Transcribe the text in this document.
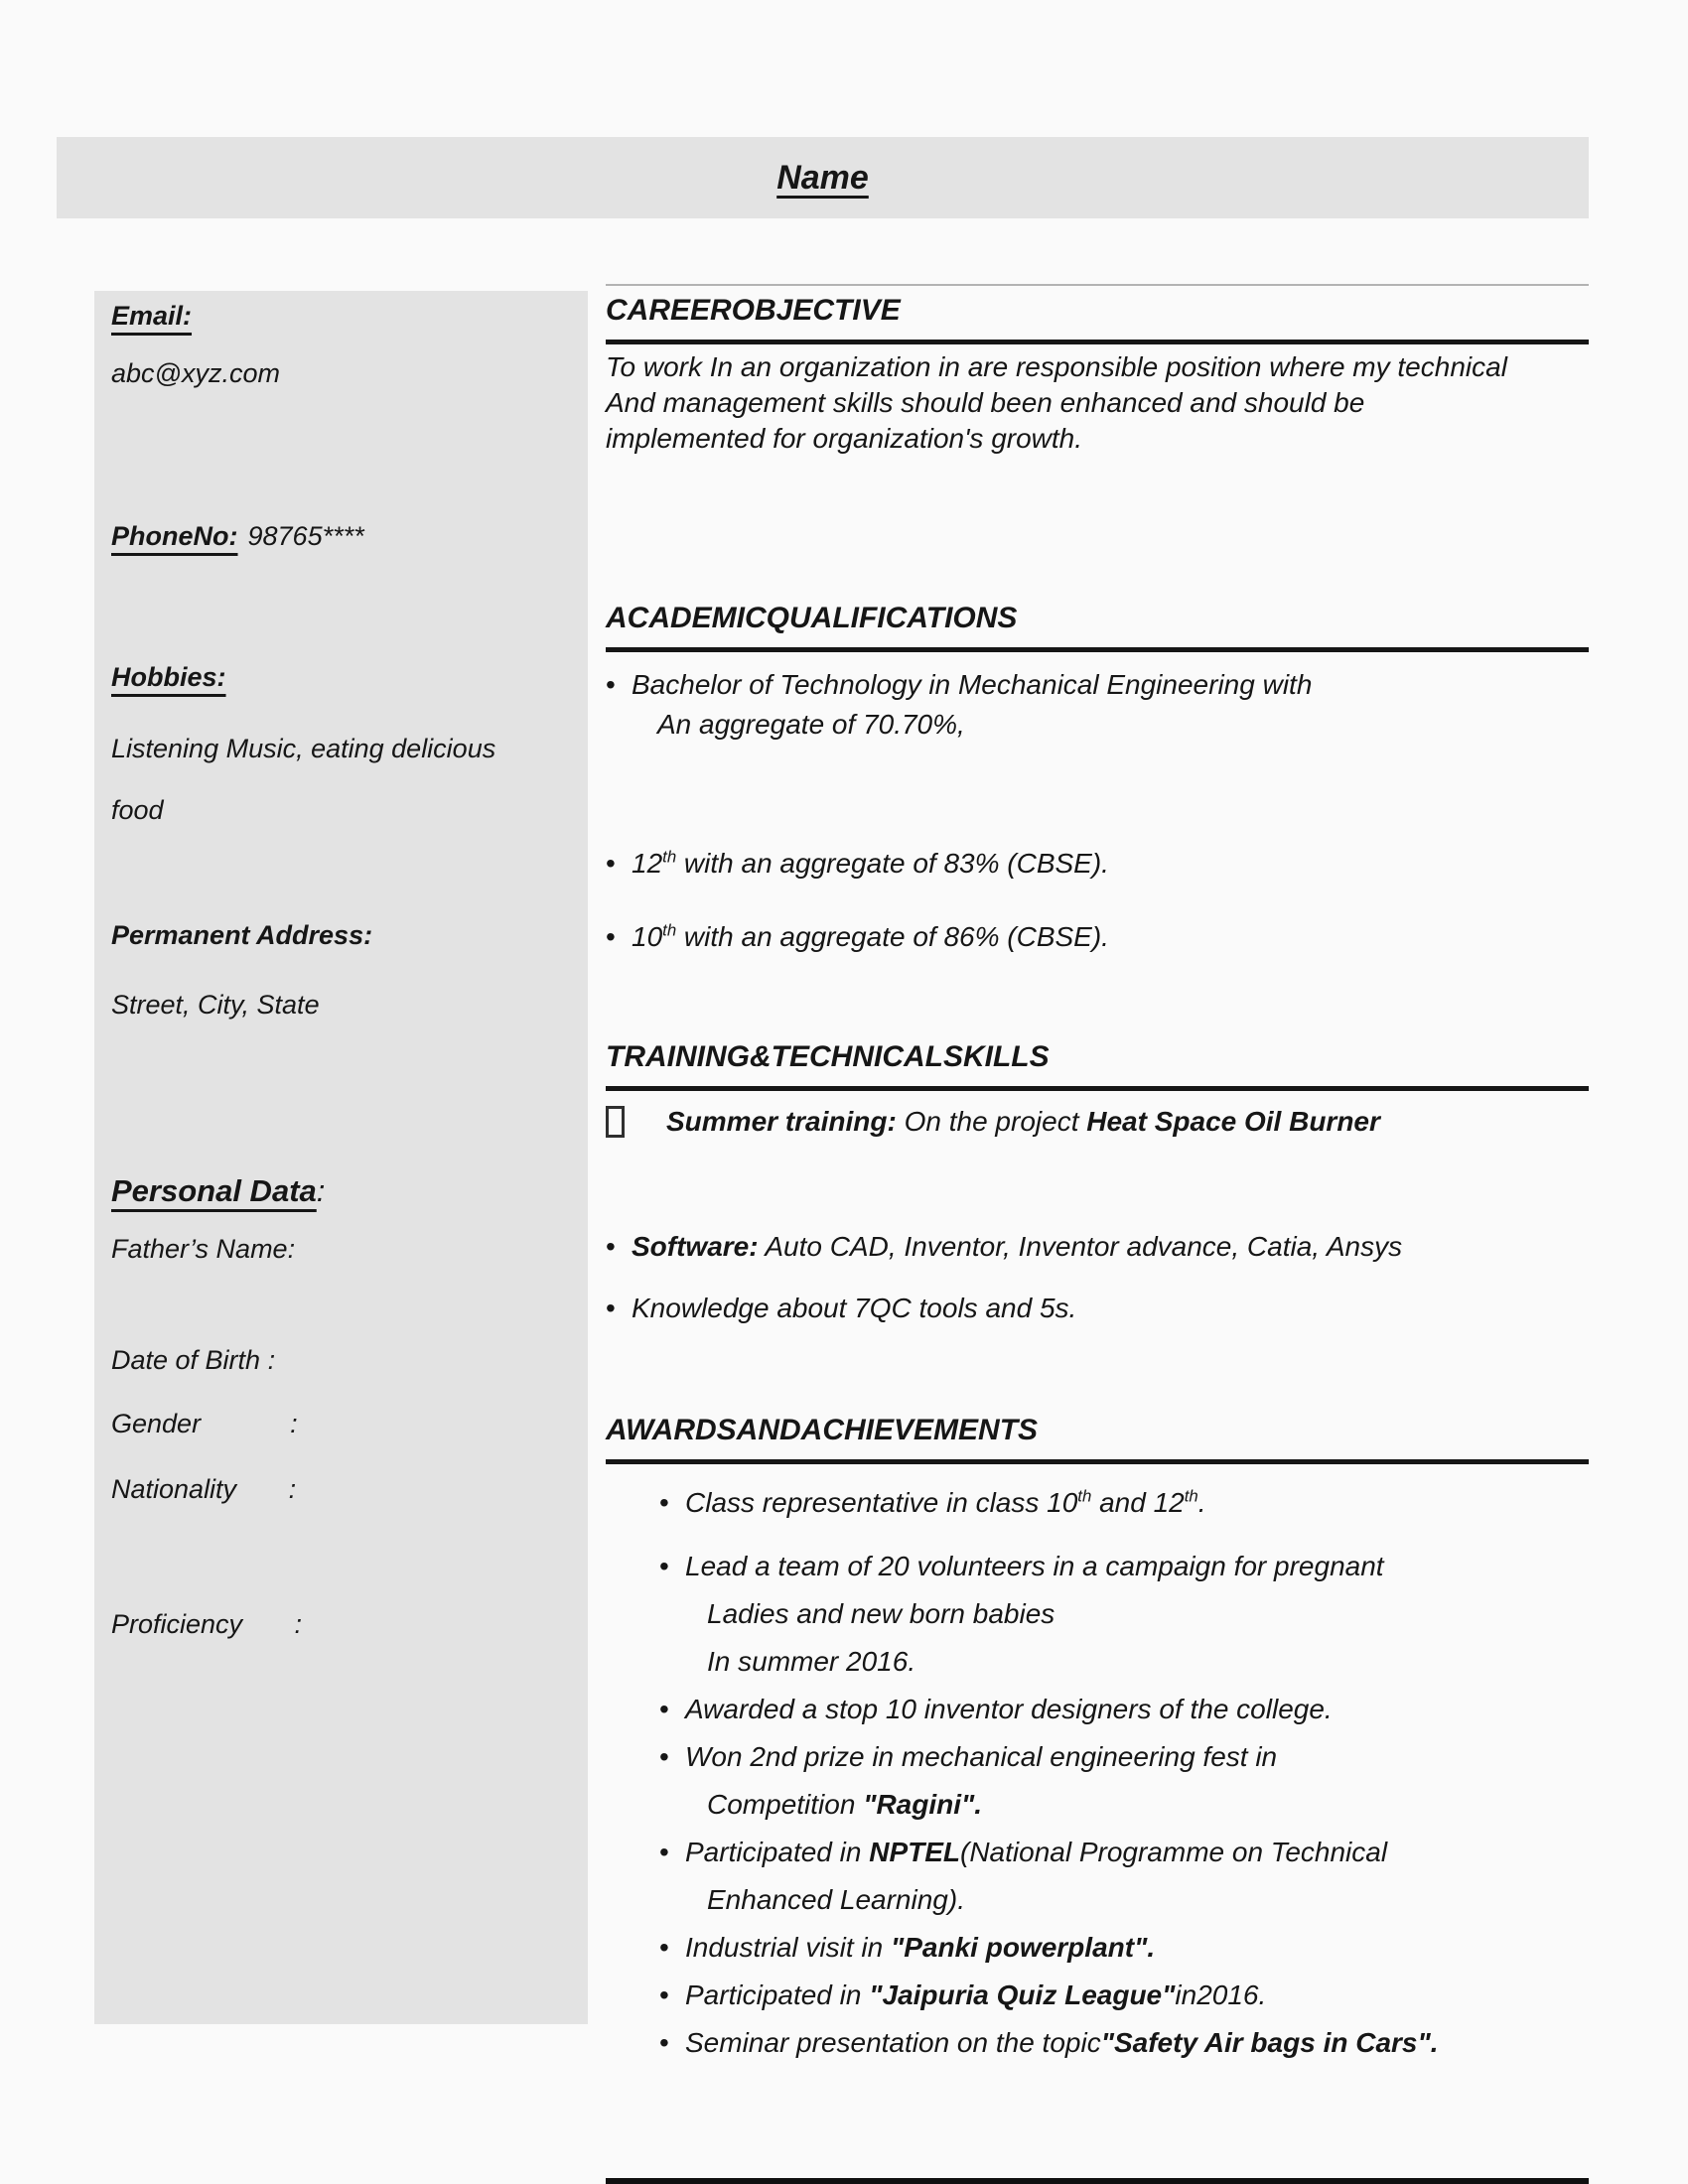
Name
Email:
abc@xyz.com
PhoneNo: 98765****
Hobbies:
Listening Music, eating delicious
food
Permanent Address:
Street, City, State
Personal Data:
Father’s Name:
Date of Birth :
Gender            :
Nationality       :
Proficiency       :
CAREEROBJECTIVE
To work In an organization in are responsible position where my technical
And management skills should been enhanced and should be
implemented for organization's growth.
ACADEMICQUALIFICATIONS
• Bachelor of Technology in Mechanical Engineering with
An aggregate of 70.70%,
• 12th with an aggregate of 83% (CBSE).
• 10th with an aggregate of 86% (CBSE).
TRAINING&TECHNICALSKILLS
Summer training: On the project Heat Space Oil Burner
• Software: Auto CAD, Inventor, Inventor advance, Catia, Ansys
• Knowledge about 7QC tools and 5s.
AWARDSANDACHIEVEMENTS
• Class representative in class 10th and 12th.
• Lead a team of 20 volunteers in a campaign for pregnant
Ladies and new born babies
In summer 2016.
• Awarded a stop 10 inventor designers of the college.
• Won 2nd prize in mechanical engineering fest in
Competition "Ragini".
• Participated in NPTEL(National Programme on Technical
Enhanced Learning).
• Industrial visit in "Panki powerplant".
• Participated in "Jaipuria Quiz League"in2016.
• Seminar presentation on the topic"Safety Air bags in Cars".
